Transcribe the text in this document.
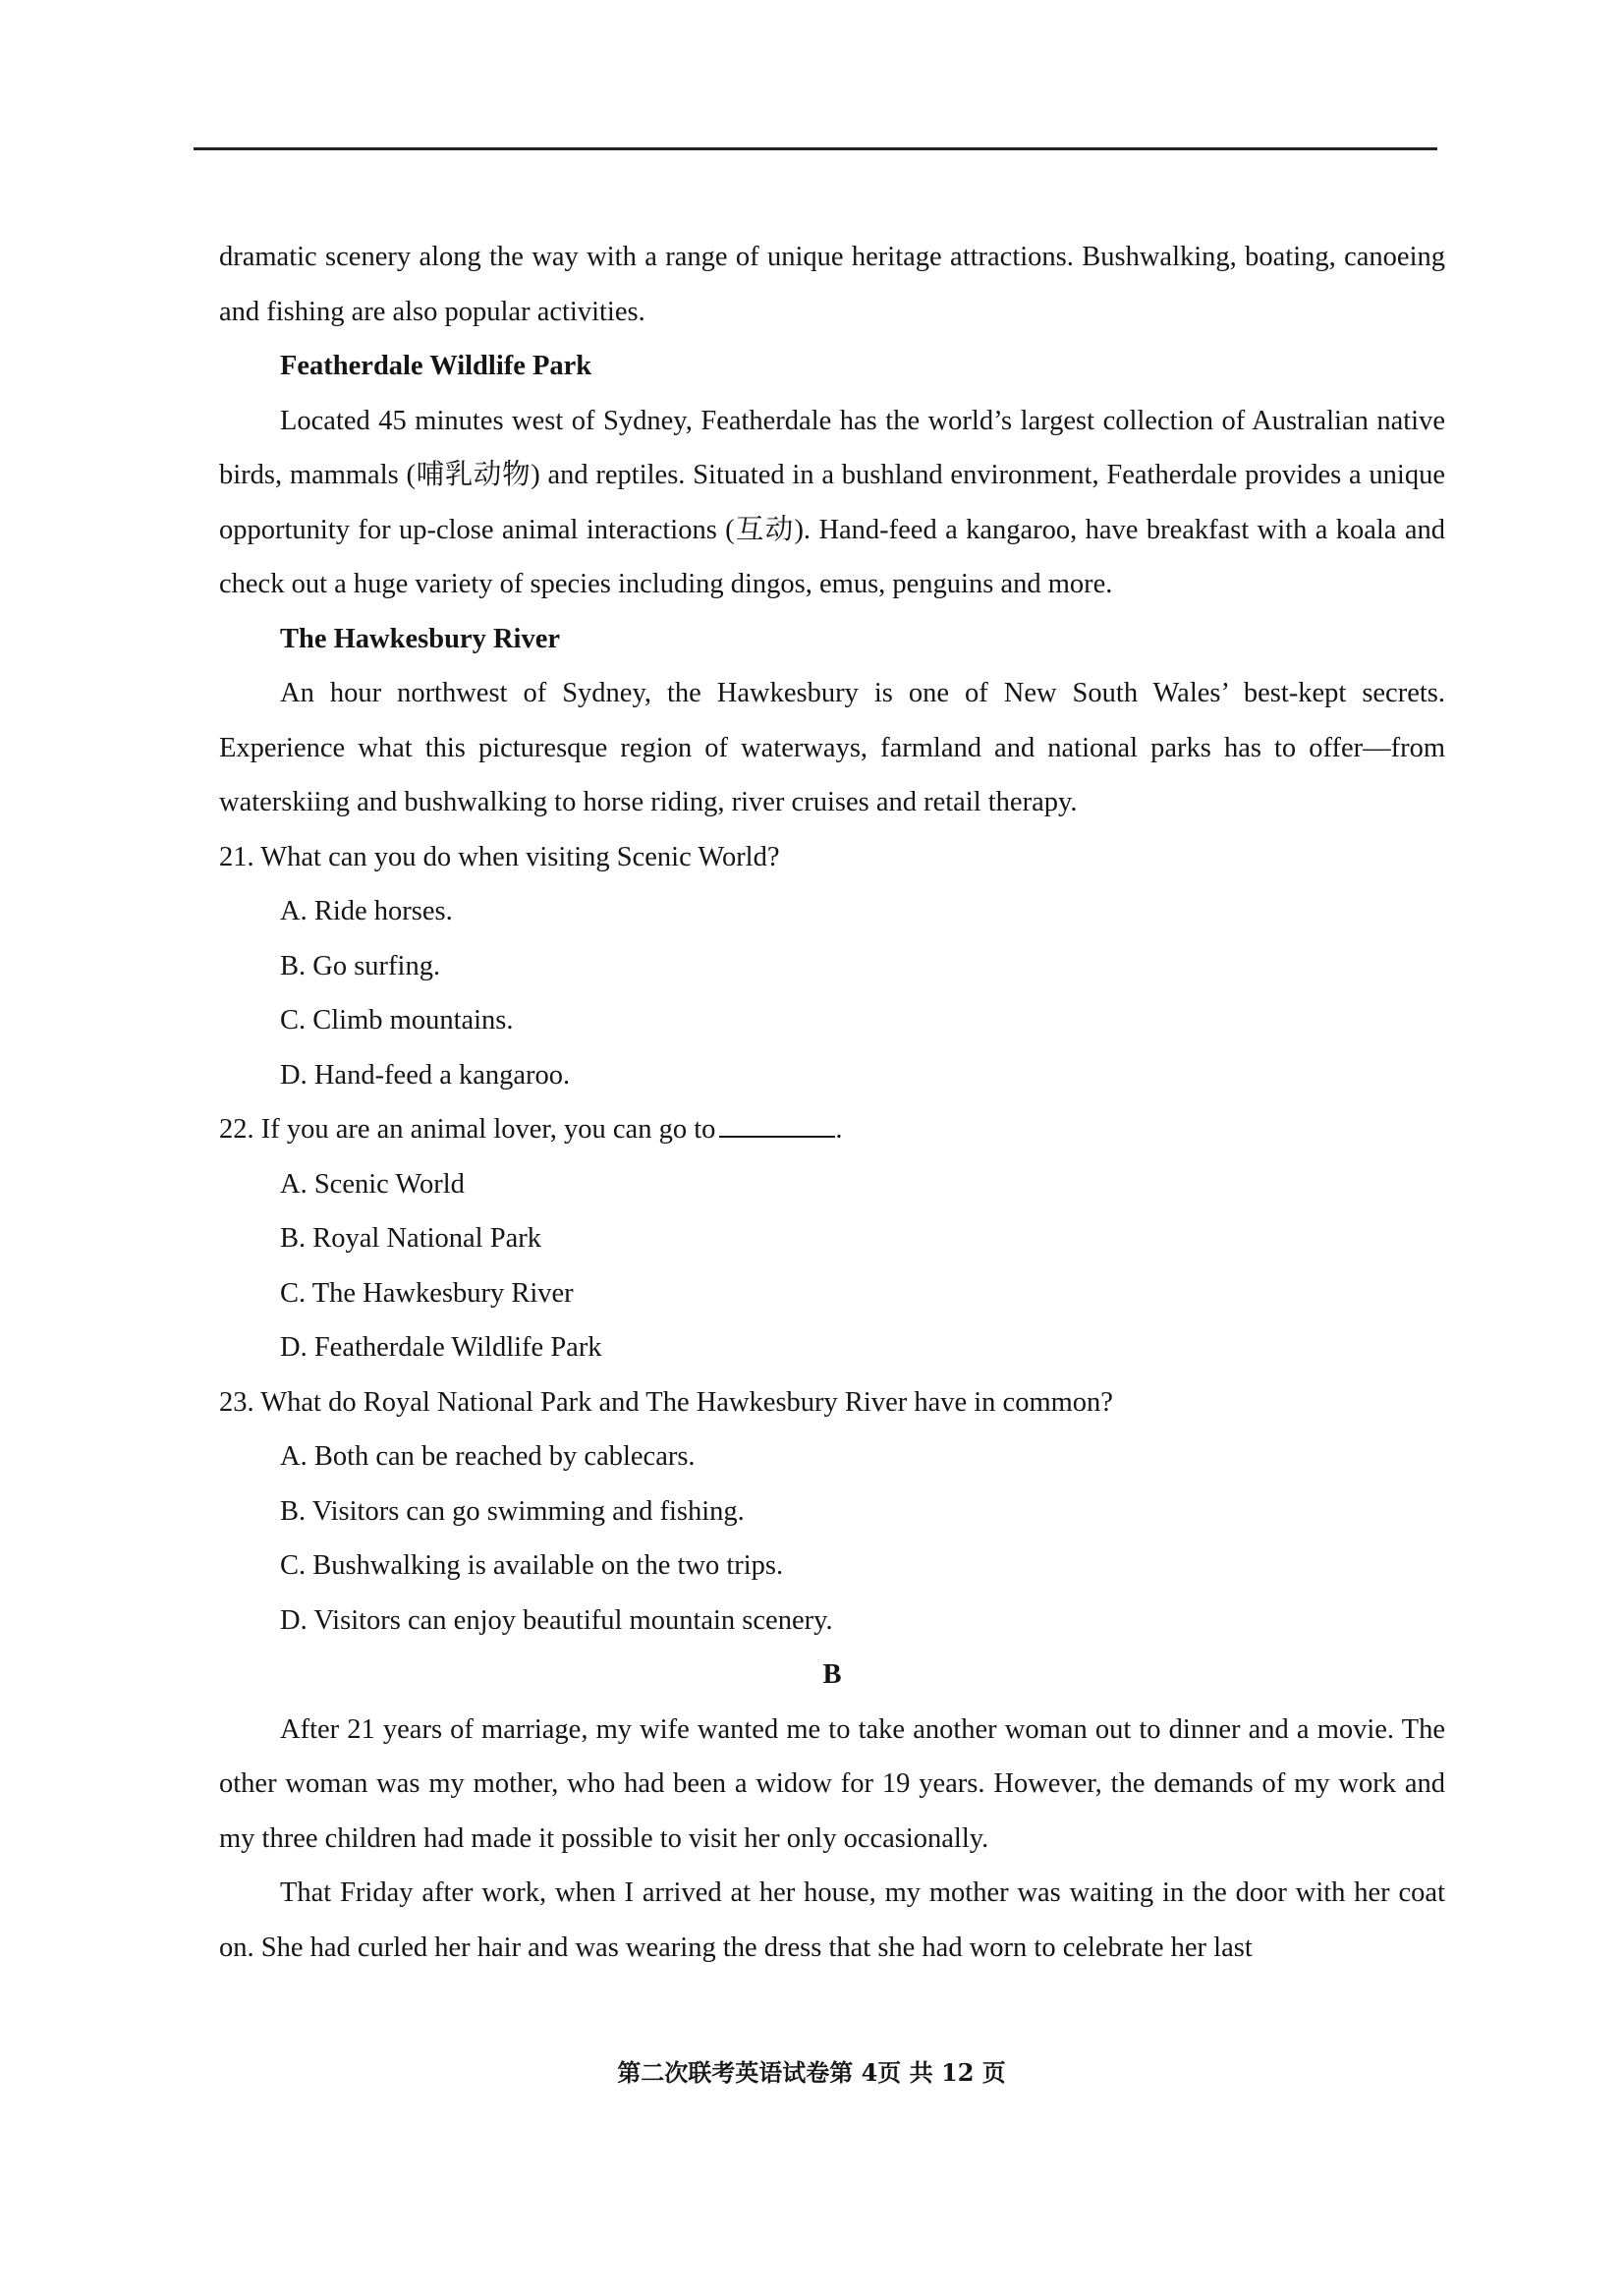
dramatic scenery along the way with a range of unique heritage attractions. Bushwalking, boating, canoeing and fishing are also popular activities.

Featherdale Wildlife Park

Located 45 minutes west of Sydney, Featherdale has the world’s largest collection of Australian native birds, mammals (哺乳动物) and reptiles. Situated in a bushland environment, Featherdale provides a unique opportunity for up-close animal interactions (互动). Hand-feed a kangaroo, have breakfast with a koala and check out a huge variety of species including dingos, emus, penguins and more.

The Hawkesbury River

An hour northwest of Sydney, the Hawkesbury is one of New South Wales’ best-kept secrets. Experience what this picturesque region of waterways, farmland and national parks has to offer—from waterskiing and bushwalking to horse riding, river cruises and retail therapy.

21. What can you do when visiting Scenic World?

A. Ride horses.

B. Go surfing.

C. Climb mountains.

D. Hand-feed a kangaroo.

22. If you are an animal lover, you can go to	.

A. Scenic World

B. Royal National Park

C. The Hawkesbury River

D. Featherdale Wildlife Park

23. What do Royal National Park and The Hawkesbury River have in common?

A. Both can be reached by cablecars.

B. Visitors can go swimming and fishing.

C. Bushwalking is available on the two trips.

D. Visitors can enjoy beautiful mountain scenery.

B

After 21 years of marriage, my wife wanted me to take another woman out to dinner and a movie. The other woman was my mother, who had been a widow for 19 years. However, the demands of my work and my three children had made it possible to visit her only occasionally.

That Friday after work, when I arrived at her house, my mother was waiting in the door with her coat on. She had curled her hair and was wearing the dress that she had worn to celebrate her last

第二次联考英语试卷第 4页 共 12 页
